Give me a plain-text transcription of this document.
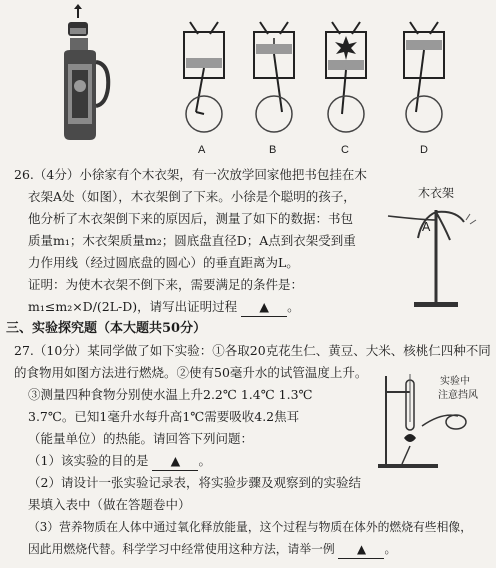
A	B	C	D
26.（4分）小徐家有个木衣架，有一次放学回家他把书包挂在木
衣架A处（如图），木衣架倒了下来。小徐是个聪明的孩子，
他分析了木衣架倒下来的原因后，测量了如下的数据：书包
质量m₁；木衣架质量m₂；圆底盘直径D；A点到衣架受到重
力作用线（经过圆底盘的圆心）的垂直距离为L。
证明：为使木衣架不倒下来，需要满足的条件是：
m₁≤m₂×D/(2L-D)，请写出证明过程 ▲ 。
木衣架
A
三、实验探究题（本大题共50分）
27.（10分）某同学做了如下实验：①各取20克花生仁、黄豆、大米、核桃仁四种不同
的食物用如图方法进行燃烧。②使有50毫升水的试管温度上升。
③测量四种食物分别使水温上升2.2℃ 1.4℃ 1.3℃
3.7℃。已知1毫升水每升高1℃需要吸收4.2焦耳
（能量单位）的热能。请回答下列问题：
（1）该实验的目的是 ▲ 。
（2）请设计一张实验记录表，将实验步骤及观察到的实验结
果填入表中（做在答题卷中）
（3）营养物质在人体中通过氧化释放能量，这个过程与物质在体外的燃烧有些相像，
因此用燃烧代替。科学学习中经常使用这种方法，请举一例 ▲ 。
实验中
注意挡风
